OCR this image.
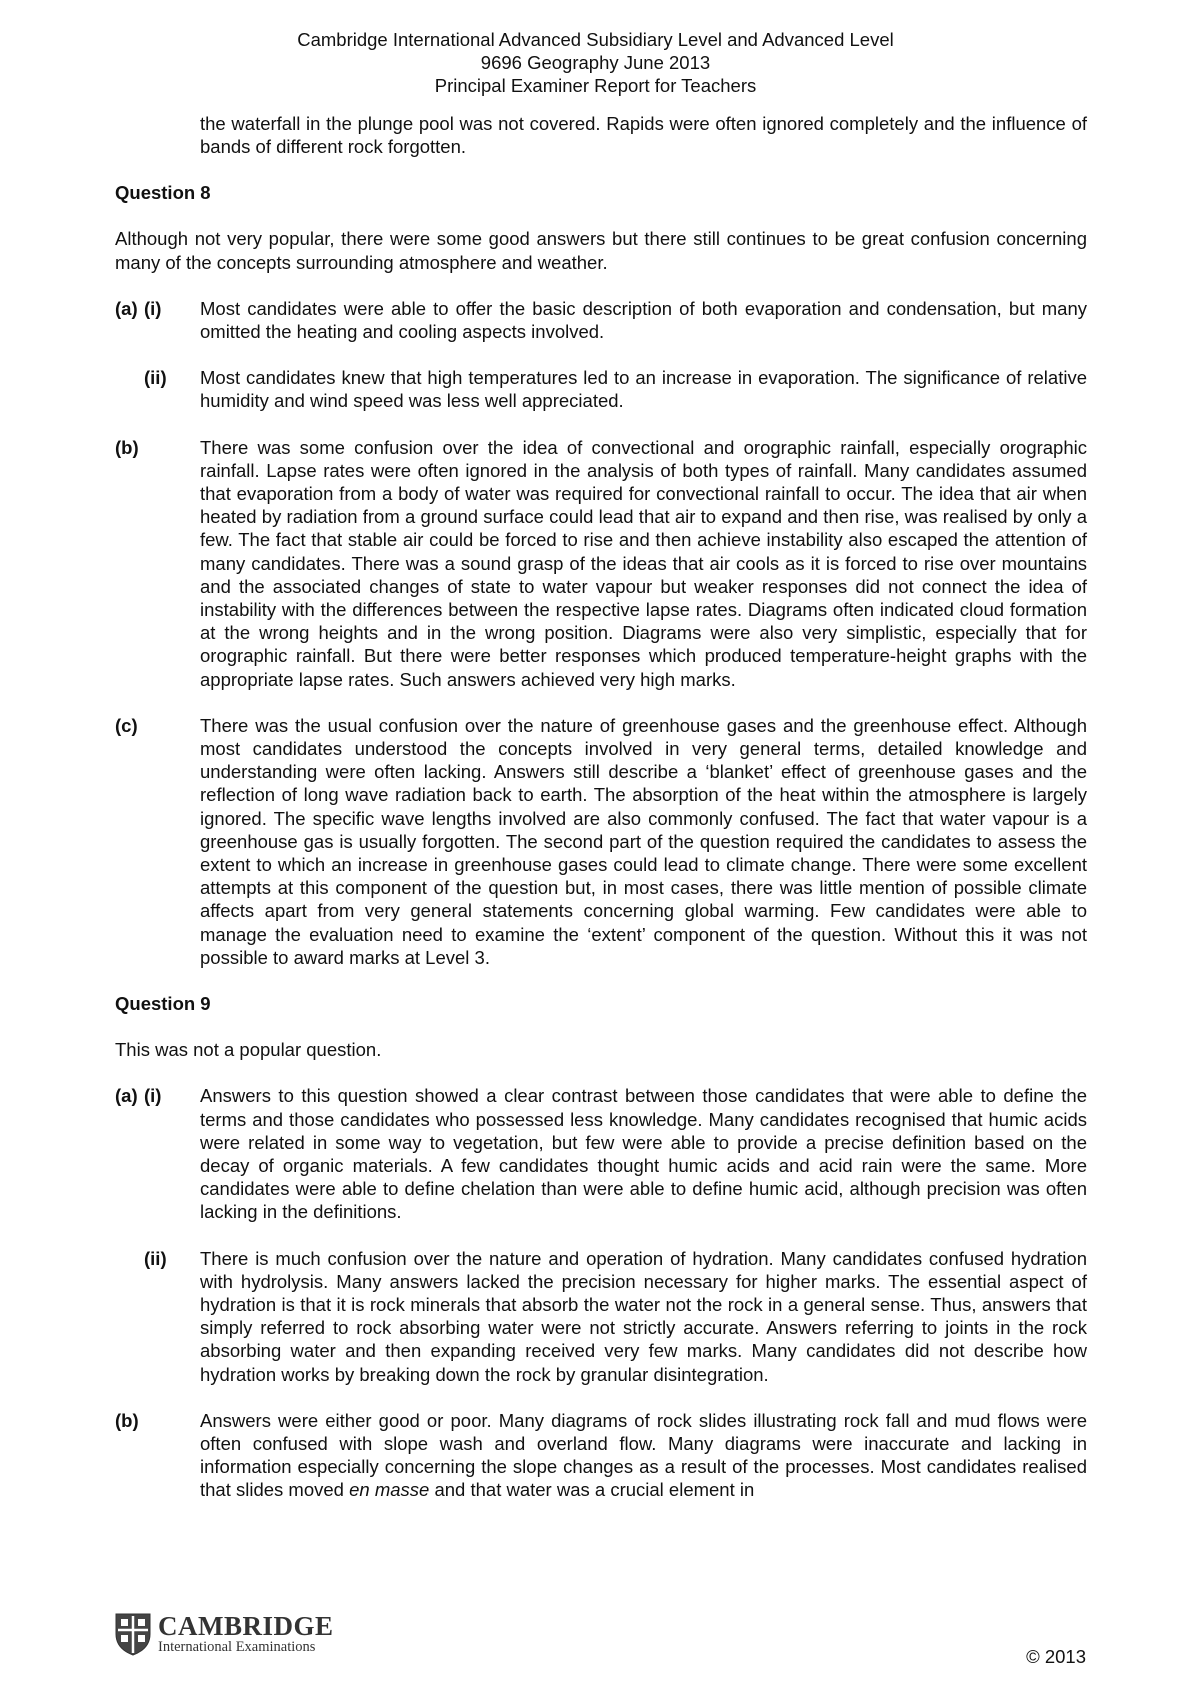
Cambridge International Advanced Subsidiary Level and Advanced Level
9696 Geography June 2013
Principal Examiner Report for Teachers

the waterfall in the plunge pool was not covered. Rapids were often ignored completely and the influence of bands of different rock forgotten.

Question 8

Although not very popular, there were some good answers but there still continues to be great confusion concerning many of the concepts surrounding atmosphere and weather.

(a) (i)	Most candidates were able to offer the basic description of both evaporation and condensation, but many omitted the heating and cooling aspects involved.

(ii)	Most candidates knew that high temperatures led to an increase in evaporation. The significance of relative humidity and wind speed was less well appreciated.

(b)	There was some confusion over the idea of convectional and orographic rainfall, especially orographic rainfall. Lapse rates were often ignored in the analysis of both types of rainfall. Many candidates assumed that evaporation from a body of water was required for convectional rainfall to occur. The idea that air when heated by radiation from a ground surface could lead that air to expand and then rise, was realised by only a few. The fact that stable air could be forced to rise and then achieve instability also escaped the attention of many candidates. There was a sound grasp of the ideas that air cools as it is forced to rise over mountains and the associated changes of state to water vapour but weaker responses did not connect the idea of instability with the differences between the respective lapse rates. Diagrams often indicated cloud formation at the wrong heights and in the wrong position. Diagrams were also very simplistic, especially that for orographic rainfall. But there were better responses which produced temperature-height graphs with the appropriate lapse rates. Such answers achieved very high marks.

(c)	There was the usual confusion over the nature of greenhouse gases and the greenhouse effect. Although most candidates understood the concepts involved in very general terms, detailed knowledge and understanding were often lacking. Answers still describe a ‘blanket’ effect of greenhouse gases and the reflection of long wave radiation back to earth. The absorption of the heat within the atmosphere is largely ignored. The specific wave lengths involved are also commonly confused. The fact that water vapour is a greenhouse gas is usually forgotten. The second part of the question required the candidates to assess the extent to which an increase in greenhouse gases could lead to climate change. There were some excellent attempts at this component of the question but, in most cases, there was little mention of possible climate affects apart from very general statements concerning global warming. Few candidates were able to manage the evaluation need to examine the ‘extent’ component of the question. Without this it was not possible to award marks at Level 3.

Question 9

This was not a popular question.

(a) (i)	Answers to this question showed a clear contrast between those candidates that were able to define the terms and those candidates who possessed less knowledge. Many candidates recognised that humic acids were related in some way to vegetation, but few were able to provide a precise definition based on the decay of organic materials. A few candidates thought humic acids and acid rain were the same. More candidates were able to define chelation than were able to define humic acid, although precision was often lacking in the definitions.

(ii)	There is much confusion over the nature and operation of hydration. Many candidates confused hydration with hydrolysis. Many answers lacked the precision necessary for higher marks. The essential aspect of hydration is that it is rock minerals that absorb the water not the rock in a general sense. Thus, answers that simply referred to rock absorbing water were not strictly accurate. Answers referring to joints in the rock absorbing water and then expanding received very few marks. Many candidates did not describe how hydration works by breaking down the rock by granular disintegration.

(b)	Answers were either good or poor. Many diagrams of rock slides illustrating rock fall and mud flows were often confused with slope wash and overland flow. Many diagrams were inaccurate and lacking in information especially concerning the slope changes as a result of the processes. Most candidates realised that slides moved en masse and that water was a crucial element in

CAMBRIDGE
International Examinations	© 2013
